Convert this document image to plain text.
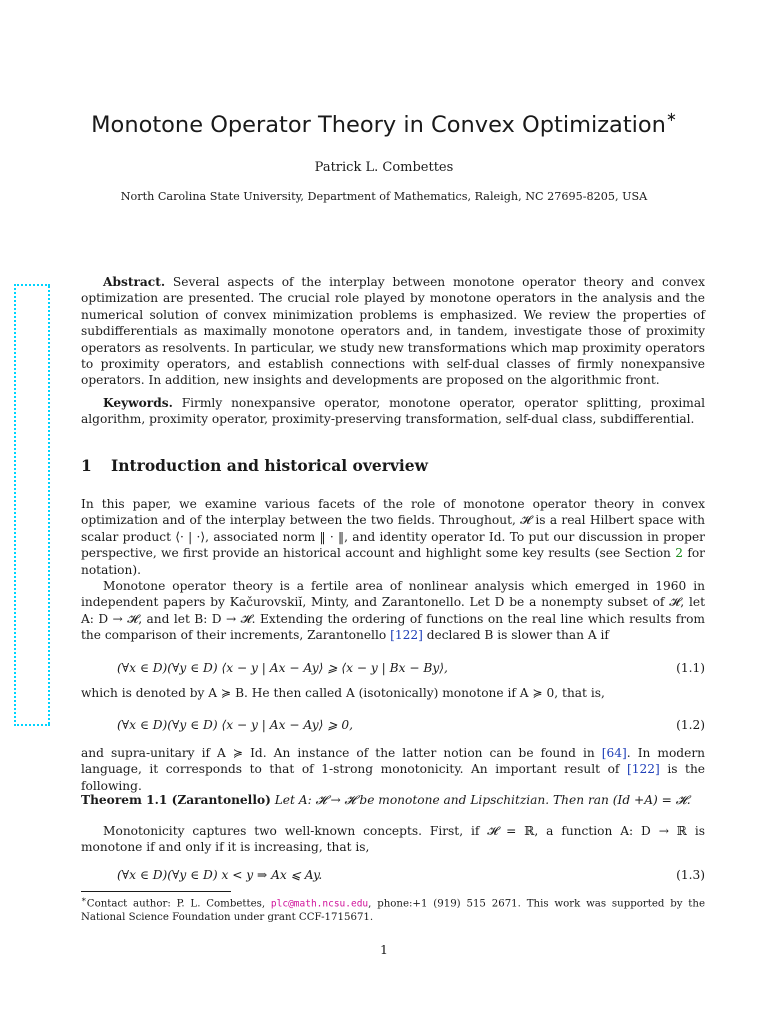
Monotone Operator Theory in Convex Optimization∗
Patrick L. Combettes
North Carolina State University, Department of Mathematics, Raleigh, NC 27695-8205, USA

Abstract. Several aspects of the interplay between monotone operator theory and convex optimization are presented. The crucial role played by monotone operators in the analysis and the numerical solution of convex minimization problems is emphasized. We review the properties of subdifferentials as maximally monotone operators and, in tandem, investigate those of proximity operators as resolvents. In particular, we study new transformations which map proximity operators to proximity operators, and establish connections with self-dual classes of firmly nonexpansive operators. In addition, new insights and developments are proposed on the algorithmic front.

Keywords. Firmly nonexpansive operator, monotone operator, operator splitting, proximal algorithm, proximity operator, proximity-preserving transformation, self-dual class, subdifferential.

1 Introduction and historical overview

In this paper, we examine various facets of the role of monotone operator theory in convex optimization and of the interplay between the two fields. Throughout, 𝓗 is a real Hilbert space with scalar product ⟨· | ·⟩, associated norm ‖ · ‖, and identity operator Id. To put our discussion in proper perspective, we first provide an historical account and highlight some key results (see Section 2 for notation).

Monotone operator theory is a fertile area of nonlinear analysis which emerged in 1960 in independent papers by Kačurovskiĭ, Minty, and Zarantonello. Let D be a nonempty subset of 𝓗, let A: D → 𝓗, and let B: D → 𝓗. Extending the ordering of functions on the real line which results from the comparison of their increments, Zarantonello [122] declared B is slower than A if

(∀x ∈ D)(∀y ∈ D) ⟨x − y | Ax − Ay⟩ ⩾ ⟨x − y | Bx − By⟩,	(1.1)

which is denoted by A ≽ B. He then called A (isotonically) monotone if A ≽ 0, that is,

(∀x ∈ D)(∀y ∈ D) ⟨x − y | Ax − Ay⟩ ⩾ 0,	(1.2)

and supra-unitary if A ≽ Id. An instance of the latter notion can be found in [64]. In modern language, it corresponds to that of 1-strong monotonicity. An important result of [122] is the following.

Theorem 1.1 (Zarantonello) Let A: 𝓗 → 𝓗 be monotone and Lipschitzian. Then ran (Id +A) = 𝓗.

Monotonicity captures two well-known concepts. First, if 𝓗 = ℝ, a function A: D → ℝ is monotone if and only if it is increasing, that is,

(∀x ∈ D)(∀y ∈ D) x < y ⇒ Ax ⩽ Ay.	(1.3)
∗Contact author: P. L. Combettes, plc@math.ncsu.edu, phone:+1 (919) 515 2671. This work was supported by the National Science Foundation under grant CCF-1715671.
1
